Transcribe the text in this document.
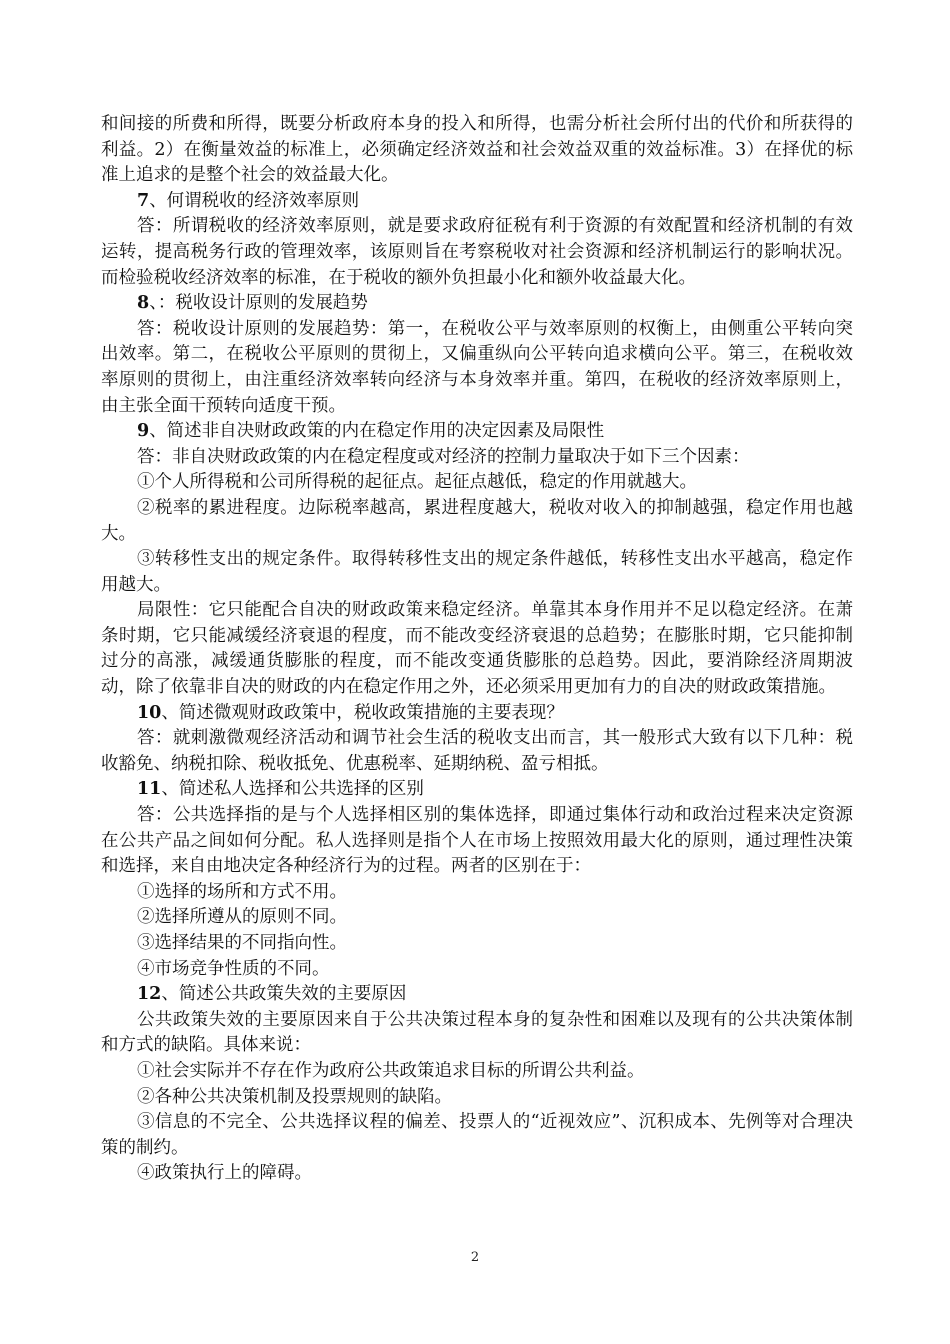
和间接的所费和所得，既要分析政府本身的投入和所得，也需分析社会所付出的代价和所获得的利益。2）在衡量效益的标准上，必须确定经济效益和社会效益双重的效益标准。3）在择优的标准上追求的是整个社会的效益最大化。

7、何谓税收的经济效率原则

答：所谓税收的经济效率原则，就是要求政府征税有利于资源的有效配置和经济机制的有效运转，提高税务行政的管理效率，该原则旨在考察税收对社会资源和经济机制运行的影响状况。而检验税收经济效率的标准，在于税收的额外负担最小化和额外收益最大化。

8、：税收设计原则的发展趋势

答：税收设计原则的发展趋势：第一，在税收公平与效率原则的权衡上，由侧重公平转向突出效率。第二，在税收公平原则的贯彻上，又偏重纵向公平转向追求横向公平。第三，在税收效率原则的贯彻上，由注重经济效率转向经济与本身效率并重。第四，在税收的经济效率原则上，由主张全面干预转向适度干预。

9、简述非自决财政政策的内在稳定作用的决定因素及局限性

答：非自决财政政策的内在稳定程度或对经济的控制力量取决于如下三个因素：

①个人所得税和公司所得税的起征点。起征点越低，稳定的作用就越大。

②税率的累进程度。边际税率越高，累进程度越大，税收对收入的抑制越强，稳定作用也越大。

③转移性支出的规定条件。取得转移性支出的规定条件越低，转移性支出水平越高，稳定作用越大。

局限性：它只能配合自决的财政政策来稳定经济。单靠其本身作用并不足以稳定经济。在萧条时期，它只能减缓经济衰退的程度，而不能改变经济衰退的总趋势；在膨胀时期，它只能抑制过分的高涨，减缓通货膨胀的程度，而不能改变通货膨胀的总趋势。因此，要消除经济周期波动，除了依靠非自决的财政的内在稳定作用之外，还必须采用更加有力的自决的财政政策措施。

10、简述微观财政政策中，税收政策措施的主要表现？

答：就刺激微观经济活动和调节社会生活的税收支出而言，其一般形式大致有以下几种：税收豁免、纳税扣除、税收抵免、优惠税率、延期纳税、盈亏相抵。

11、简述私人选择和公共选择的区别

答：公共选择指的是与个人选择相区别的集体选择，即通过集体行动和政治过程来决定资源在公共产品之间如何分配。私人选择则是指个人在市场上按照效用最大化的原则，通过理性决策和选择，来自由地决定各种经济行为的过程。两者的区别在于：

①选择的场所和方式不用。

②选择所遵从的原则不同。

③选择结果的不同指向性。

④市场竞争性质的不同。

12、简述公共政策失效的主要原因

公共政策失效的主要原因来自于公共决策过程本身的复杂性和困难以及现有的公共决策体制和方式的缺陷。具体来说：

①社会实际并不存在作为政府公共政策追求目标的所谓公共利益。

②各种公共决策机制及投票规则的缺陷。

③信息的不完全、公共选择议程的偏差、投票人的“近视效应”、沉积成本、先例等对合理决策的制约。

④政策执行上的障碍。

2
